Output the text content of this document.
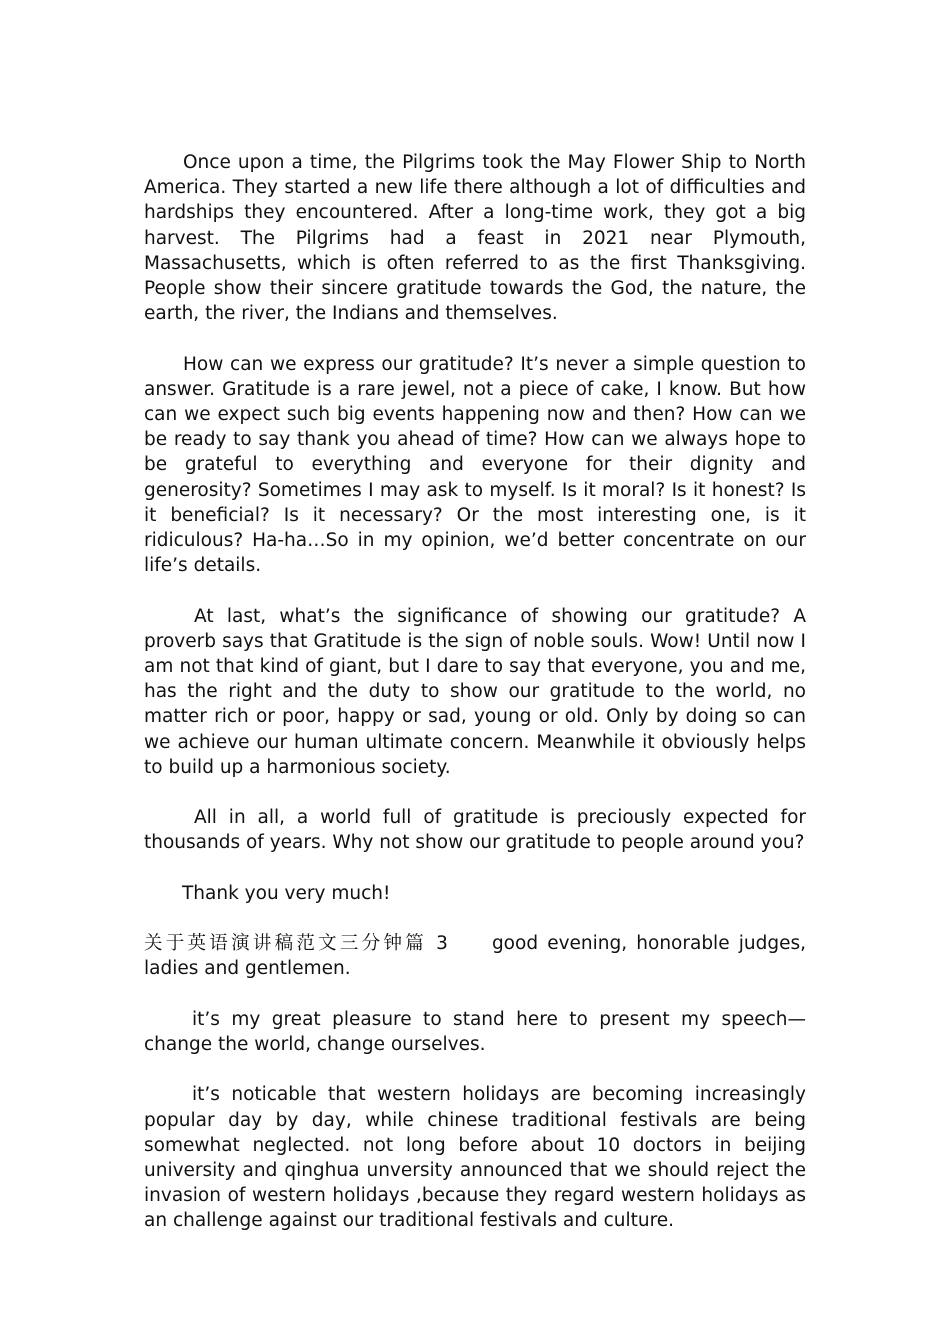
Once upon a time, the Pilgrims took the May Flower Ship to North America. They started a new life there although a lot of difficulties and hardships they encountered. After a long-time work, they got a big harvest. The Pilgrims had a feast in 2021 near Plymouth, Massachusetts, which is often referred to as the first Thanksgiving. People show their sincere gratitude towards the God, the nature, the earth, the river, the Indians and themselves.

How can we express our gratitude? It’s never a simple question to answer. Gratitude is a rare jewel, not a piece of cake, I know. But how can we expect such big events happening now and then? How can we be ready to say thank you ahead of time? How can we always hope to be grateful to everything and everyone for their dignity and generosity? Sometimes I may ask to myself. Is it moral? Is it honest? Is it beneficial? Is it necessary? Or the most interesting one, is it ridiculous? Ha-ha…So in my opinion, we’d better concentrate on our life’s details.

At last, what’s the significance of showing our gratitude? A proverb says that Gratitude is the sign of noble souls. Wow! Until now I am not that kind of giant, but I dare to say that everyone, you and me, has the right and the duty to show our gratitude to the world, no matter rich or poor, happy or sad, young or old. Only by doing so can we achieve our human ultimate concern. Meanwhile it obviously helps to build up a harmonious society.

All in all, a world full of gratitude is preciously expected for thousands of years. Why not show our gratitude to people around you?

Thank you very much!

关于英语演讲稿范文三分钟篇 3 good evening, honorable judges, ladies and gentlemen.

it’s my great pleasure to stand here to present my speech—change the world, change ourselves.

it’s noticable that western holidays are becoming increasingly popular day by day, while chinese traditional festivals are being somewhat neglected. not long before about 10 doctors in beijing university and qinghua unversity announced that we should reject the invasion of western holidays ,because they regard western holidays as an challenge against our traditional festivals and culture.
